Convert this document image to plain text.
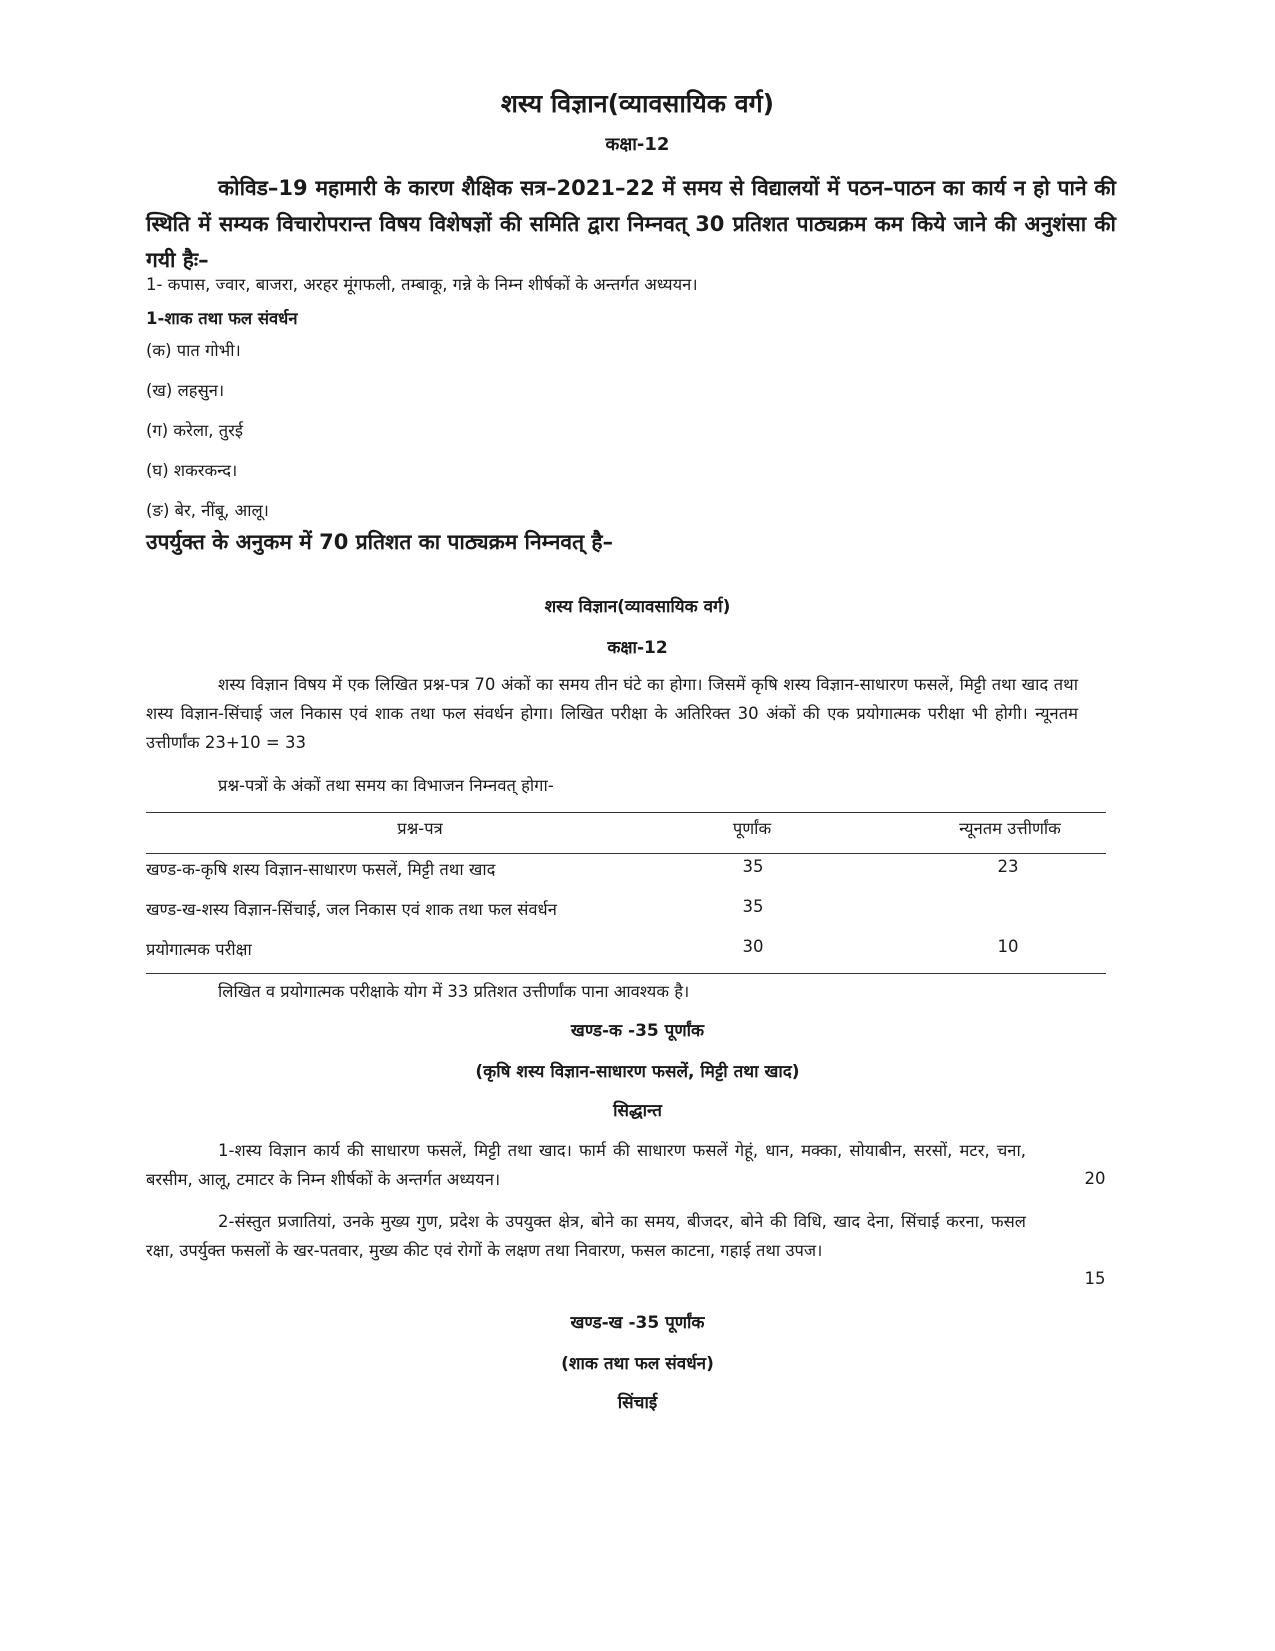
शस्य विज्ञान(व्यावसायिक वर्ग)
कक्षा-12
कोविड–19 महामारी के कारण शैक्षिक सत्र–2021–22 में समय से विद्यालयों में पठन–पाठन का कार्य न हो पाने की स्थिति में सम्यक विचारोपरान्त विषय विशेषज्ञों की समिति द्वारा निम्नवत् 30 प्रतिशत पाठ्यक्रम कम किये जाने की अनुशंसा की गयी हैः–
1- कपास, ज्वार, बाजरा, अरहर मूंगफली, तम्बाकू, गन्ने के निम्न शीर्षकों के अन्तर्गत अध्ययन।
1-शाक तथा फल संवर्धन
(क) पात गोभी।
(ख) लहसुन।
(ग) करेला, तुरई
(घ) शकरकन्द।
(ङ) बेर, नींबू, आलू।
उपर्युक्त के अनुकम में 70 प्रतिशत का पाठ्यक्रम निम्नवत् है–
शस्य विज्ञान(व्यावसायिक वर्ग)
कक्षा-12
शस्य विज्ञान विषय में एक लिखित प्रश्न-पत्र 70 अंकों का समय तीन घंटे का होगा। जिसमें कृषि शस्य विज्ञान-साधारण फसलें, मिट्टी तथा खाद तथा शस्य विज्ञान-सिंचाई जल निकास एवं शाक तथा फल संवर्धन होगा। लिखित परीक्षा के अतिरिक्त 30 अंकों की एक प्रयोगात्मक परीक्षा भी होगी। न्यूनतम उत्तीर्णांक 23+10 = 33
प्रश्न-पत्रों के अंकों तथा समय का विभाजन निम्नवत् होगा-
प्रश्न-पत्र	पूर्णांक	न्यूनतम उत्तीर्णांक
खण्ड-क-कृषि शस्य विज्ञान-साधारण फसलें, मिट्टी तथा खाद	35	23
खण्ड-ख-शस्य विज्ञान-सिंचाई, जल निकास एवं शाक तथा फल संवर्धन	35
प्रयोगात्मक परीक्षा	30	10
लिखित व प्रयोगात्मक परीक्षाके योग में 33 प्रतिशत उत्तीर्णांक पाना आवश्यक है।
खण्ड-क -35 पूर्णांक
(कृषि शस्य विज्ञान-साधारण फसलें, मिट्टी तथा खाद)
सिद्धान्त
1-शस्य विज्ञान कार्य की साधारण फसलें, मिट्टी तथा खाद। फार्म की साधारण फसलें गेहूं, धान, मक्का, सोयाबीन, सरसों, मटर, चना, बरसीम, आलू, टमाटर के निम्न शीर्षकों के अन्तर्गत अध्ययन।	20
2-संस्तुत प्रजातियां, उनके मुख्य गुण, प्रदेश के उपयुक्त क्षेत्र, बोने का समय, बीजदर, बोने की विधि, खाद देना, सिंचाई करना, फसल रक्षा, उपर्युक्त फसलों के खर-पतवार, मुख्य कीट एवं रोगों के लक्षण तथा निवारण, फसल काटना, गहाई तथा उपज।
15
खण्ड-ख -35 पूर्णांक
(शाक तथा फल संवर्धन)
सिंचाई
